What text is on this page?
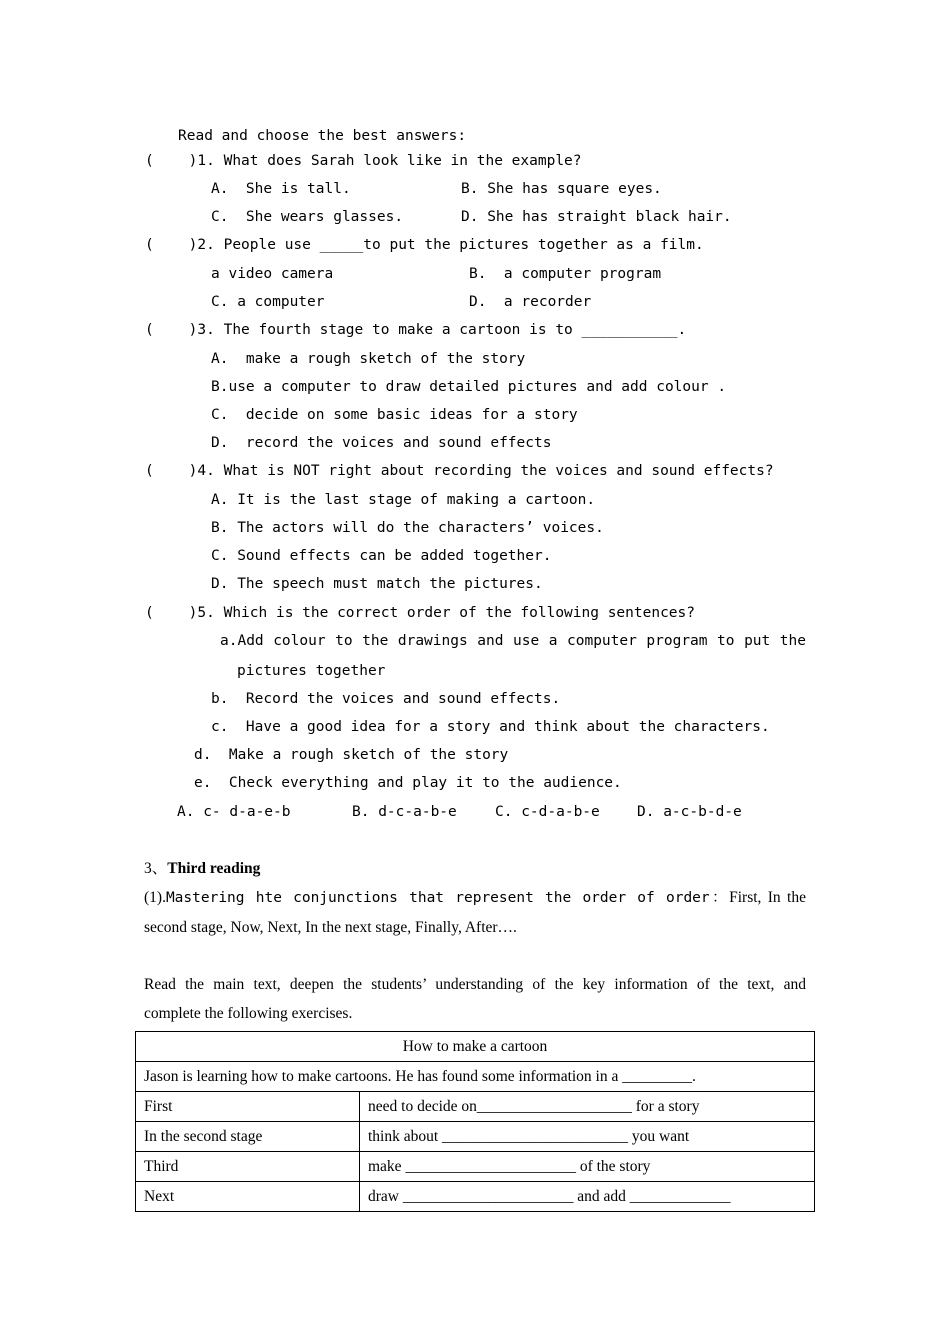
Read and choose the best answers:
(    )1. What does Sarah look like in the example?
A.  She is tall.	B. She has square eyes.
C.  She wears glasses.	D. She has straight black hair.
(    )2. People use _____to put the pictures together as a film.
a video camera	B.  a computer program
C. a computer	D.  a recorder
(    )3. The fourth stage to make a cartoon is to ___________.
A.  make a rough sketch of the story
B.use a computer to draw detailed pictures and add colour .
C.  decide on some basic ideas for a story
D.  record the voices and sound effects
(    )4. What is NOT right about recording the voices and sound effects?
A. It is the last stage of making a cartoon.
B. The actors will do the characters’ voices.
C. Sound effects can be added together.
D. The speech must match the pictures.
(    )5. Which is the correct order of the following sentences?
a.Add colour to the drawings and use a computer program to put the
pictures together
b.  Record the voices and sound effects.
c.  Have a good idea for a story and think about the characters.
d.  Make a rough sketch of the story
e.  Check everything and play it to the audience.
A. c- d-a-e-b	B. d-c-a-b-e	C. c-d-a-b-e	D. a-c-b-d-e
3、Third reading
(1).Mastering hte conjunctions that represent the order of order：First, In the
second stage, Now, Next, In the next stage, Finally, After….
Read the main text, deepen the students’ understanding of the key information of the text, and
complete the following exercises.
How to make a cartoon	
Jason is learning how to make cartoons. He has found some information in a _________.	
First	need to decide on____________________ for a story
In the second stage	think about ________________________ you want
Third	make ______________________ of the story
Next	draw ______________________ and add _____________
